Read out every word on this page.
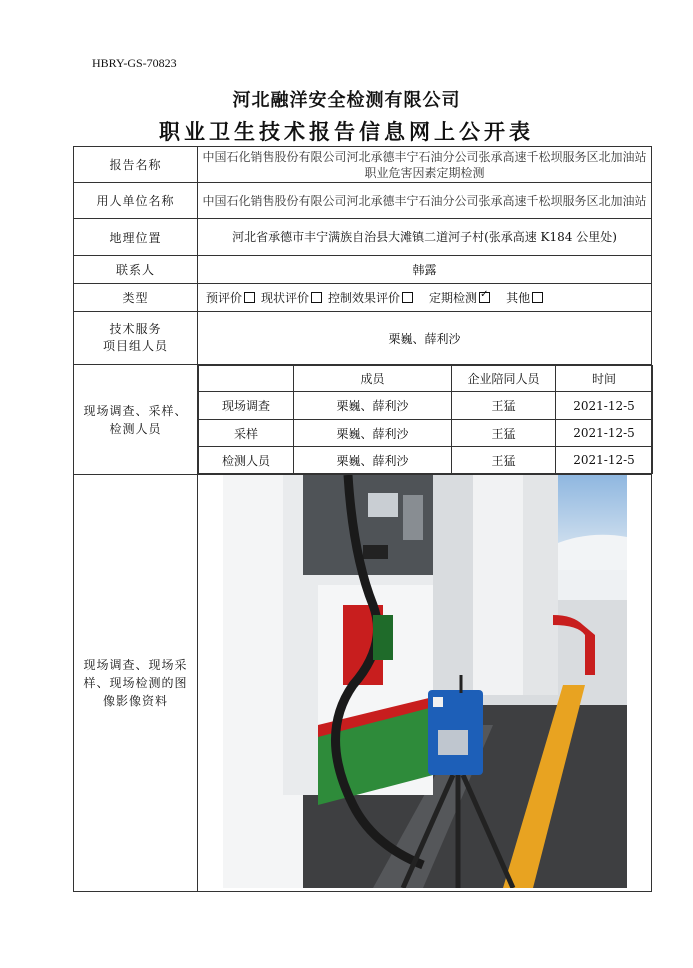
HBRY-GS-70823
河北融洋安全检测有限公司
职业卫生技术报告信息网上公开表
报告名称	中国石化销售股份有限公司河北承德丰宁石油分公司张承高速千松坝服务区北加油站职业危害因素定期检测
用人单位名称	中国石化销售股份有限公司河北承德丰宁石油分公司张承高速千松坝服务区北加油站
地理位置	河北省承德市丰宁满族自治县大滩镇二道河子村(张承高速 K184 公里处)
联系人	韩露
类型	预评价 现状评价 控制效果评价 定期检测✓ 其他

技术服务
项目组人员
	栗巍、薛利沙
现场调查、采样、检测人员	
	成员	企业陪同人员	时间
现场调查	栗巍、薛利沙	王猛	2021-12-5
采样	栗巍、薛利沙	王猛	2021-12-5
检测人员	栗巍、薛利沙	王猛	2021-12-5

现场调查、现场采样、现场检测的图像影像资料	
